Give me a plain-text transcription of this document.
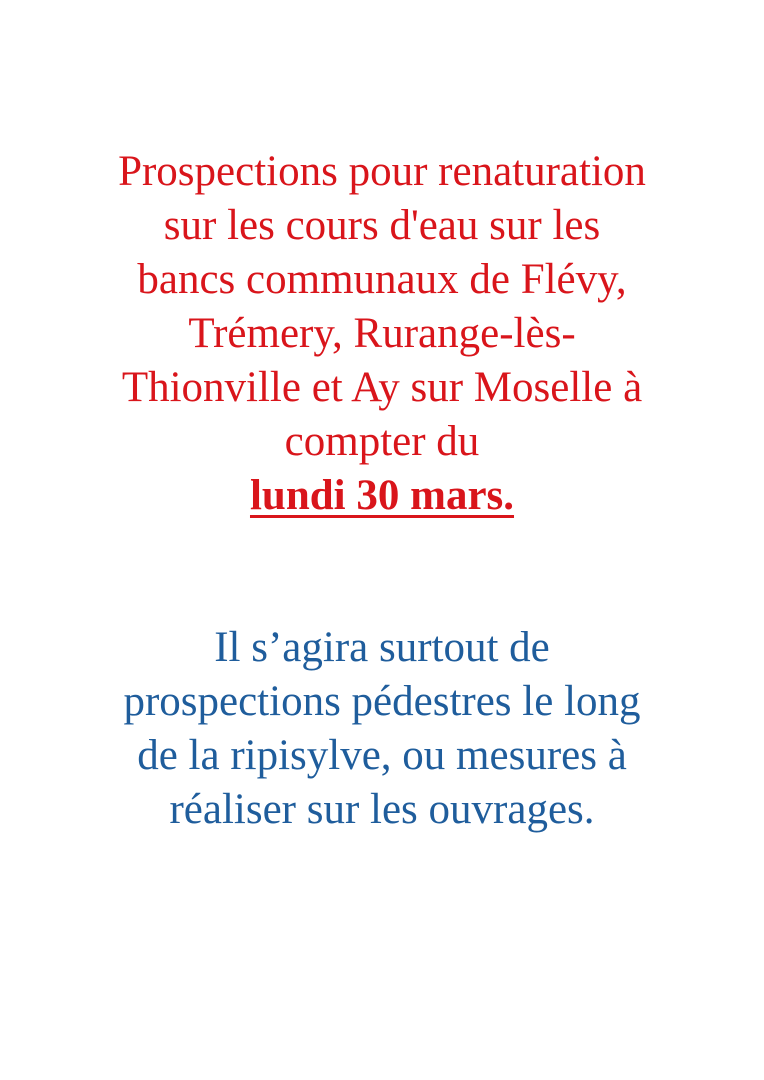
Prospections pour renaturation
sur les cours d'eau sur les
bancs communaux de Flévy,
Trémery, Rurange-lès-
Thionville et Ay sur Moselle à
compter du
lundi 30 mars.
Il s’agira surtout de
prospections pédestres le long
de la ripisylve, ou mesures à
réaliser sur les ouvrages.
